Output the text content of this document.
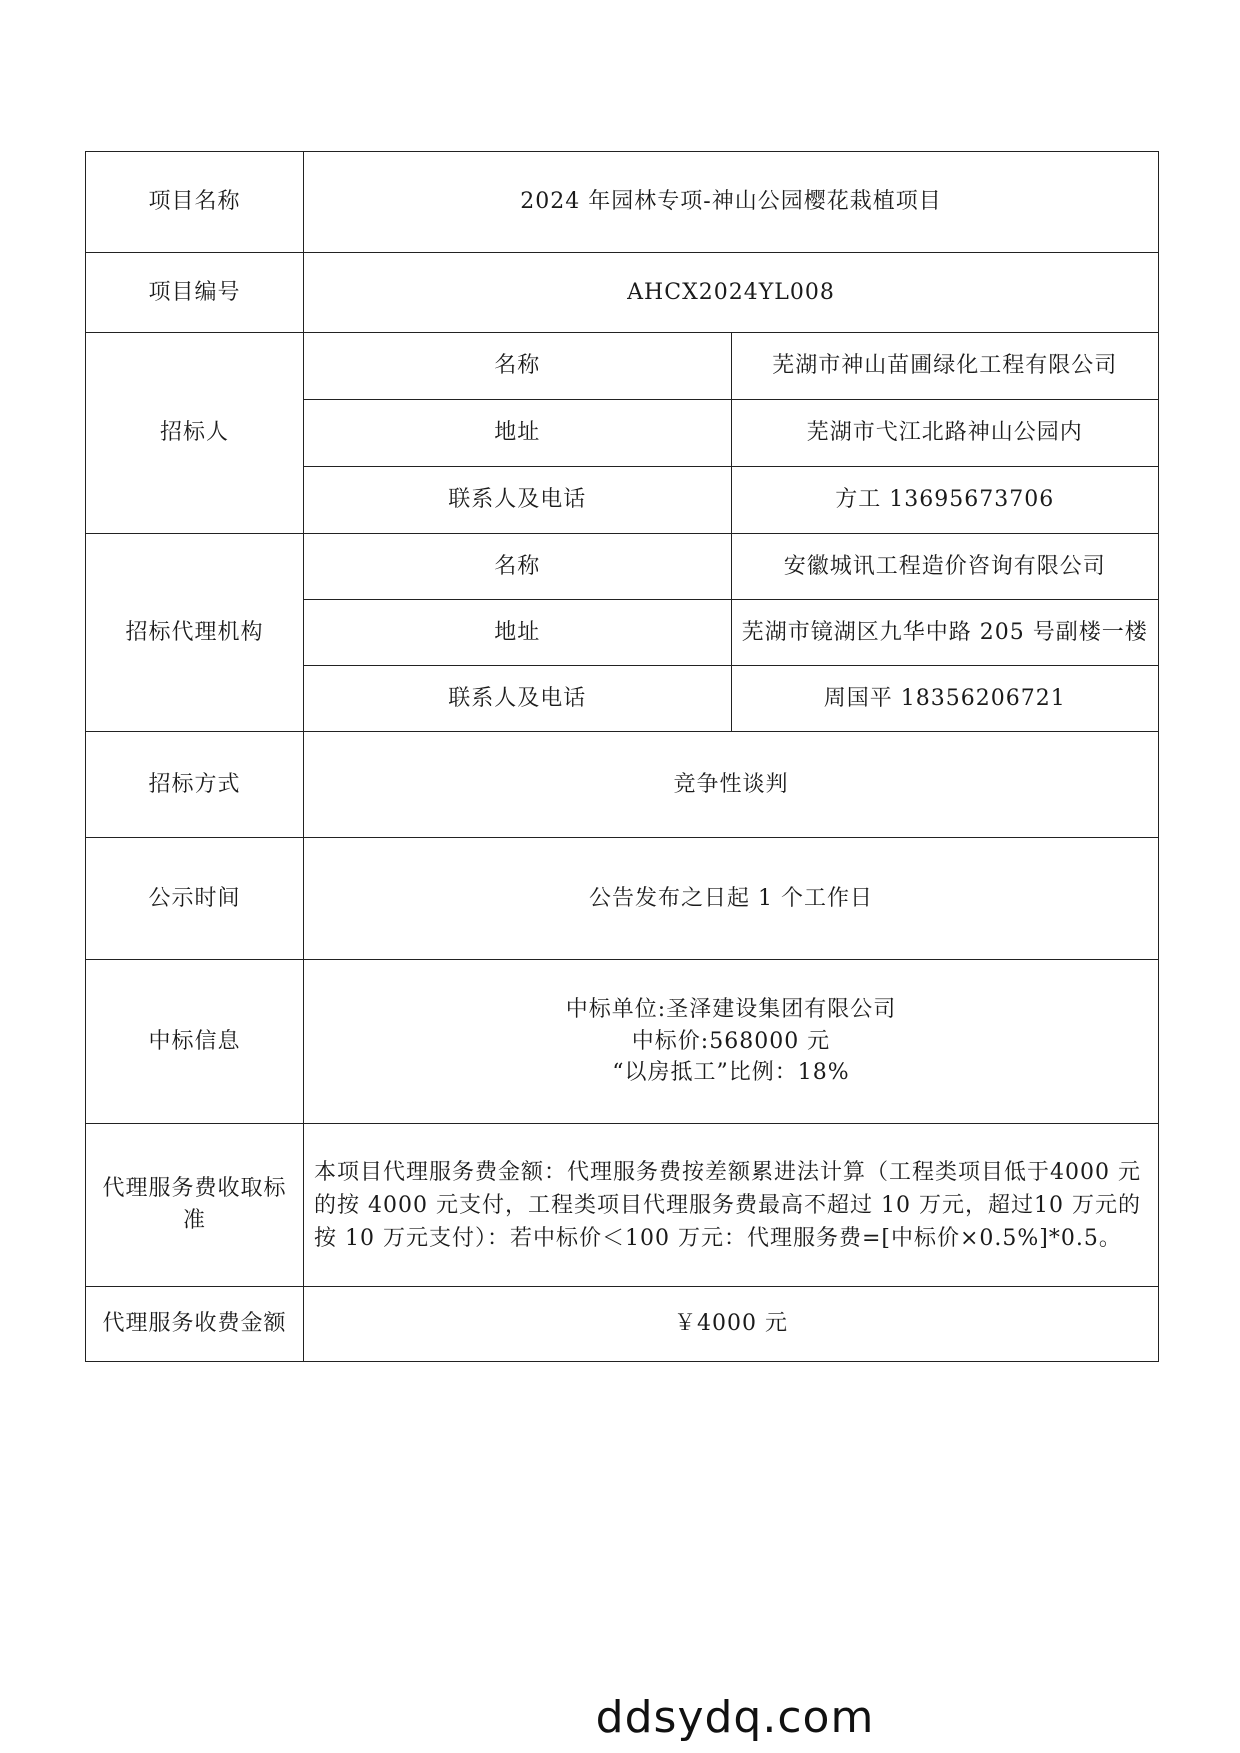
项目名称	2024 年园林专项-神山公园樱花栽植项目	
项目编号	AHCX2024YL008	
招标人	名称	芜湖市神山苗圃绿化工程有限公司
	地址	芜湖市弋江北路神山公园内
	联系人及电话	方工 13695673706
招标代理机构	名称	安徽城讯工程造价咨询有限公司
	地址	芜湖市镜湖区九华中路 205 号副楼一楼
	联系人及电话	周国平 18356206721
招标方式	竞争性谈判	
公示时间	公告发布之日起 1 个工作日	
中标信息	中标单位:圣泽建设集团有限公司
中标价:568000 元
“以房抵工”比例：18%	

代理服务费收取标准	本项目代理服务费金额：代理服务费按差额累进法计算（工程类项目低于4000 元的按 4000 元支付，工程类项目代理服务费最高不超过 10 万元，超过10 万元的按 10 万元支付）：若中标价＜100 万元：代理服务费=[中标价×0.5%]*0.5。	
代理服务收费金额	￥4000 元	
ddsydq.com
